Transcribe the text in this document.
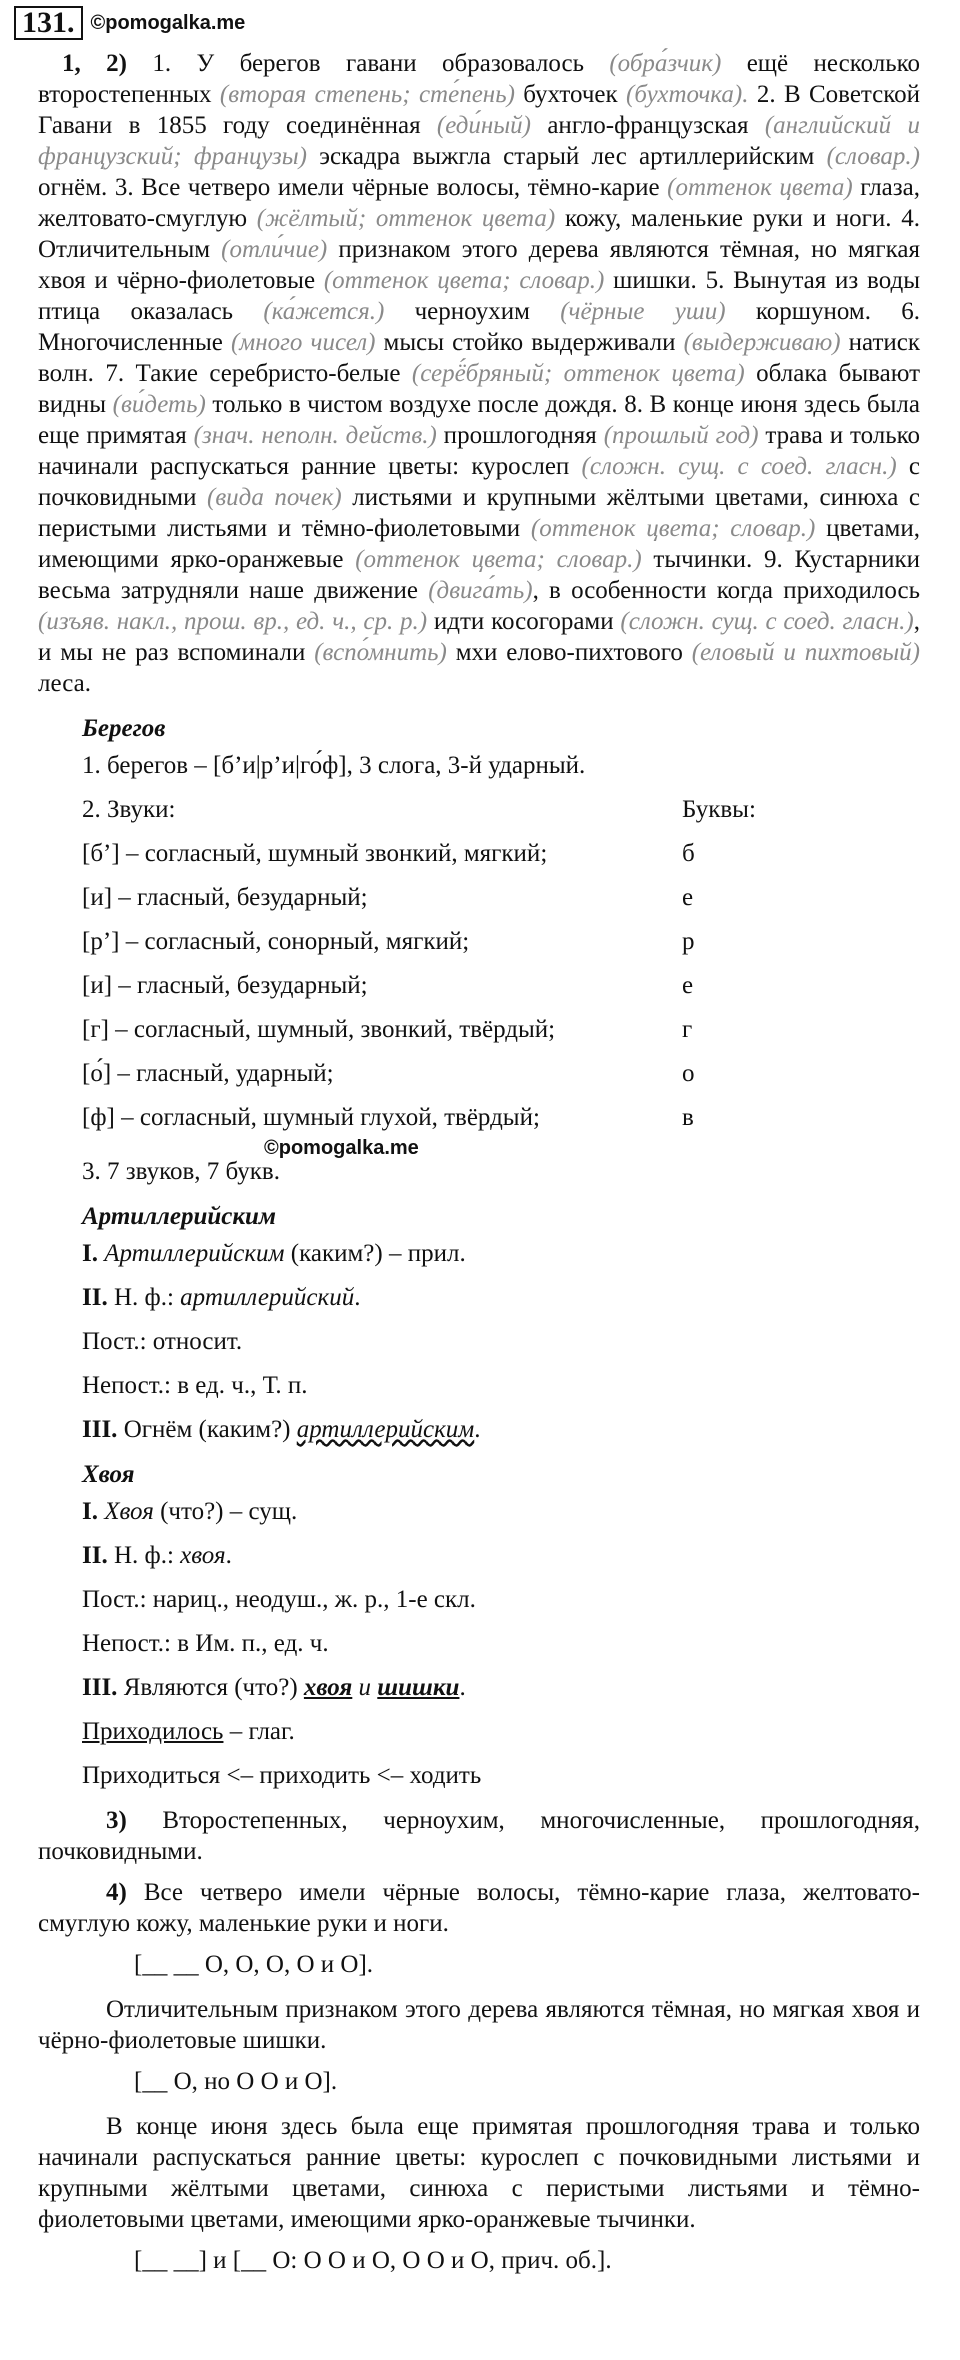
131. ©pomogalka.me

1, 2) 1. У берегов гавани образовалось (обра́зчик) ещё несколько второстепенных (вторая степень; сте́пень) бухточек (бухточка). 2. В Советской Гавани в 1855 году соединённая (еди́ный) англо-французская (английский и французский; французы) эскадра выжгла старый лес артиллерийским (словар.) огнём. 3. Все четверо имели чёрные волосы, тёмно-карие (оттенок цвета) глаза, желтовато-смуглую (жёлтый; оттенок цвета) кожу, маленькие руки и ноги. 4. Отличительным (отли́чие) признаком этого дерева являются тёмная, но мягкая хвоя и чёрно-фиолетовые (оттенок цвета; словар.) шишки. 5. Вынутая из воды птица оказалась (ка́жется.) черноухим (чёрные уши) коршуном. 6. Многочисленные (много чисел) мысы стойко выдерживали (выдерживаю) натиск волн. 7. Такие серебристо-белые (серё́бряный; оттенок цвета) облака бывают видны (ви́деть) только в чистом воздухе после дождя. 8. В конце июня здесь была еще примятая (знач. неполн. действ.) прошлогодняя (прошлый год) трава и только начинали распускаться ранние цветы: курослеп (сложн. сущ. с соед. гласн.) с почковидными (вида почек) листьями и крупными жёлтыми цветами, синюха с перистыми листьями и тёмно-фиолетовыми (оттенок цвета; словар.) цветами, имеющими ярко-оранжевые (оттенок цвета; словар.) тычинки. 9. Кустарники весьма затрудняли наше движение (двига́ть), в особенности когда приходилось (изъяв. накл., прош. вр., ед. ч., ср. р.) идти косогорами (сложн. сущ. с соед. гласн.), и мы не раз вспоминали (вспо́мнить) мхи елово-пихтового (еловый и пихтовый) леса.

Берегов
1. берегов – [б’и|р’и|го́ф], 3 слога, 3-й ударный.
2. Звуки:	Буквы:
[б’] – согласный, шумный звонкий, мягкий;	б
[и] – гласный, безударный;	е
[р’] – согласный, сонорный, мягкий;	р
[и] – гласный, безударный;	е
[г] – согласный, шумный, звонкий, твёрдый;	г
[о́] – гласный, ударный;	о
[ф] – согласный, шумный глухой, твёрдый;	в
©pomogalka.me
3. 7 звуков, 7 букв.
Артиллерийским
I. Артиллерийским (каким?) – прил.
II. Н. ф.: артиллерийский.
Пост.: относит.
Непост.: в ед. ч., Т. п.
III. Огнём (каким?) артиллерийским.
Хвоя
I. Хвоя (что?) – сущ.
II. Н. ф.: хвоя.
Пост.: нариц., неодуш., ж. р., 1-е скл.
Непост.: в Им. п., ед. ч.
III. Являются (что?) хвоя и шишки.
Приходилось – глаг.
Приходиться <– приходить <– ходить

3) Второстепенных, черноухим, многочисленные, прошлогодняя, почковидными.

4) Все четверо имели чёрные волосы, тёмно-карие глаза, желтовато-смуглую кожу, маленькие руки и ноги.

[__ __ О, О, О, О и О].

Отличительным признаком этого дерева являются тёмная, но мягкая хвоя и чёрно-фиолетовые шишки.

[__ О, но О О и О].

В конце июня здесь была еще примятая прошлогодняя трава и только начинали распускаться ранние цветы: курослеп с почковидными листьями и крупными жёлтыми цветами, синюха с перистыми листьями и тёмно-фиолетовыми цветами, имеющими ярко-оранжевые тычинки.

[__ __] и [__ О: О О и О, О О и О, прич. об.].
